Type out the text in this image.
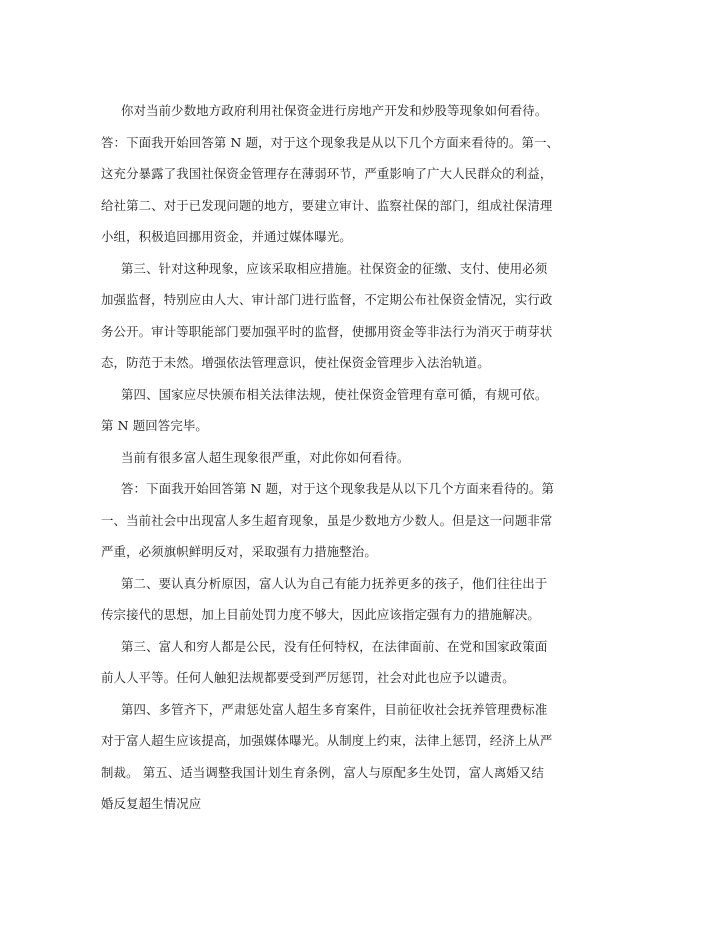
你对当前少数地方政府利用社保资金进行房地产开发和炒股等现象如何看待。
答：下面我开始回答第 N 题，对于这个现象我是从以下几个方面来看待的。第一、
这充分暴露了我国社保资金管理存在薄弱环节，严重影响了广大人民群众的利益，
给社第二、对于已发现问题的地方，要建立审计、监察社保的部门，组成社保清理
小组，积极追回挪用资金，并通过媒体曝光。
第三、针对这种现象，应该采取相应措施。社保资金的征缴、支付、使用必须
加强监督，特别应由人大、审计部门进行监督，不定期公布社保资金情况，实行政
务公开。审计等职能部门要加强平时的监督，使挪用资金等非法行为消灭于萌芽状
态，防范于未然。增强依法管理意识，使社保资金管理步入法治轨道。
第四、国家应尽快颁布相关法律法规，使社保资金管理有章可循，有规可依。
第 N 题回答完毕。
当前有很多富人超生现象很严重，对此你如何看待。
答：下面我开始回答第 N 题，对于这个现象我是从以下几个方面来看待的。第
一、当前社会中出现富人多生超育现象，虽是少数地方少数人。但是这一问题非常
严重，必须旗帜鲜明反对，采取强有力措施整治。
第二、要认真分析原因，富人认为自己有能力抚养更多的孩子，他们往往出于
传宗接代的思想，加上目前处罚力度不够大，因此应该指定强有力的措施解决。
第三、富人和穷人都是公民，没有任何特权，在法律面前、在党和国家政策面
前人人平等。任何人触犯法规都要受到严厉惩罚，社会对此也应予以谴责。
第四、多管齐下，严肃惩处富人超生多育案件，目前征收社会抚养管理费标准
对于富人超生应该提高，加强媒体曝光。从制度上约束，法律上惩罚，经济上从严
制裁。 第五、适当调整我国计划生育条例，富人与原配多生处罚，富人离婚又结
婚反复超生情况应
